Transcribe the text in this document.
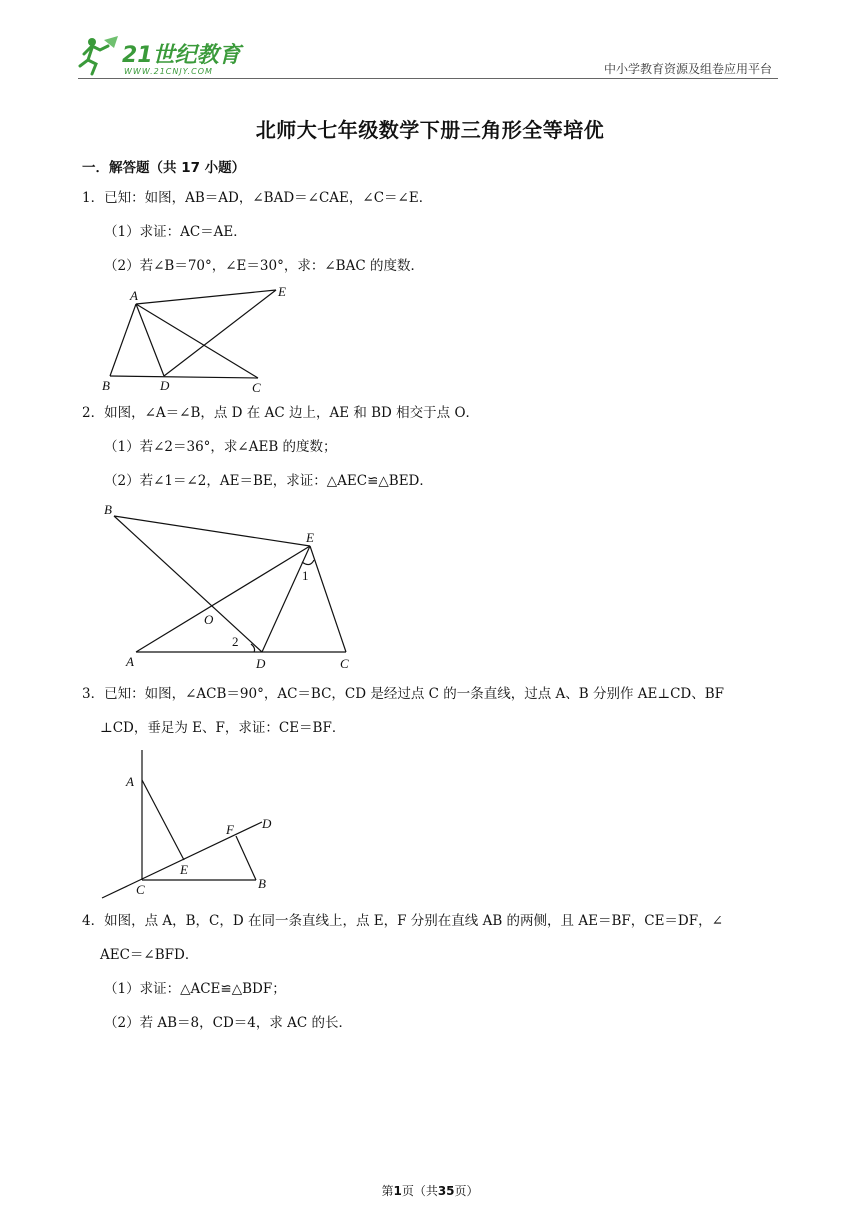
21世纪教育
WWW.21CNJY.COM	中小学教育资源及组卷应用平台
北师大七年级数学下册三角形全等培优
一．解答题（共 17 小题）
1．已知：如图，AB＝AD，∠BAD＝∠CAE，∠C＝∠E．
（1）求证：AC＝AE．
（2）若∠B＝70°，∠E＝30°，求：∠BAC 的度数．
A	E
B	D	C
2．如图，∠A＝∠B，点 D 在 AC 边上，AE 和 BD 相交于点 O．
（1）若∠2＝36°，求∠AEB 的度数；
（2）若∠1＝∠2，AE＝BE，求证：△AEC≌△BED．
B
E
1
O
2
A	D	C
3．已知：如图，∠ACB＝90°，AC＝BC，CD 是经过点 C 的一条直线，过点 A、B 分别作 AE⊥CD、BF
⊥CD，垂足为 E、F，求证：CE＝BF．
A
F D
E
C	B
4．如图，点 A，B，C，D 在同一条直线上，点 E，F 分别在直线 AB 的两侧，且 AE＝BF，CE＝DF，∠
AEC＝∠BFD．
（1）求证：△ACE≌△BDF；
（2）若 AB＝8，CD＝4，求 AC 的长．
第1页（共35页）
